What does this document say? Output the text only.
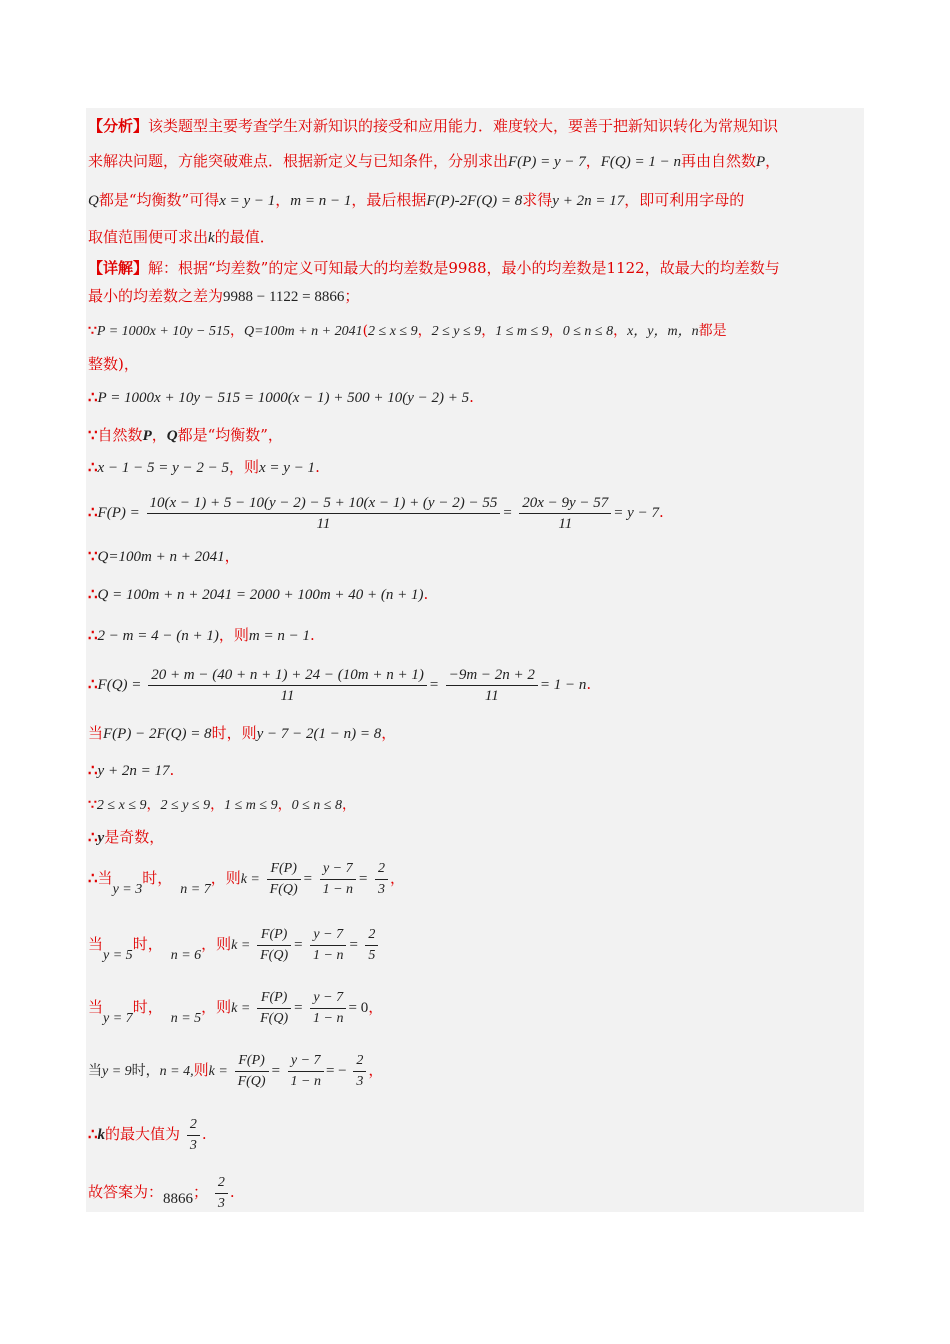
【分析】该类题型主要考查学生对新知识的接受和应用能力．难度较大，要善于把新知识转化为常规知识
来解决问题，方能突破难点．根据新定义与已知条件，分别求出F(P) = y − 7，F(Q) = 1 − n再由自然数P，
Q都是“均衡数”可得x = y − 1，m = n − 1，最后根据F(P)-2F(Q) = 8求得y + 2n = 17，即可利用字母的
取值范围便可求出k的最值．
【详解】解：根据“均差数”的定义可知最大的均差数是9988，最小的均差数是1122，故最大的均差数与
最小的均差数之差为9988 − 1122 = 8866；
∵P = 1000x + 10y − 515，Q=100m + n + 2041(2 ≤ x ≤ 9，2 ≤ y ≤ 9，1 ≤ m ≤ 9，0 ≤ n ≤ 8，x，y，m，n都是
整数)，
∴P = 1000x + 10y − 515 = 1000(x − 1) + 500 + 10(y − 2) + 5.
∵自然数P，Q都是“均衡数”，
∴x − 1 − 5 = y − 2 − 5，则x = y − 1.
∴F(P) = $\frac{10(x - 1) + 5 - 10(y - 2) - 5 + 10(x - 1) + (y - 2) - 55}{11} = \frac{20x - 9y - 57}{11} = y - 7$.
∵Q=100m + n + 2041，
∴Q = 100m + n + 2041 = 2000 + 100m + 40 + (n + 1).
∴2 − m = 4 − (n + 1)，则m = n − 1.
∴F(Q) = $\frac{20 + m - (40 + n + 1) + 24 - (10m + n + 1)}{11} = \frac{-9m - 2n + 2}{11} = 1 - n$.
当F(P) − 2F(Q) = 8时，则y − 7 − 2(1 − n) = 8，
∴y + 2n = 17.
∵2 ≤ x ≤ 9，2 ≤ y ≤ 9，1 ≤ m ≤ 9，0 ≤ n ≤ 8，
∴y是奇数，
∴当y = 3时，n = 7，则$k = \frac{F(P)}{F(Q)} = \frac{y - 7}{1 - n} = \frac{2}{3}$ ，
当y = 5时，n = 6，则$k = \frac{F(P)}{F(Q)} = \frac{y - 7}{1 - n} = \frac{2}{5}$
当y = 7时，n = 5，则$k = \frac{F(P)}{F(Q)} = \frac{y - 7}{1 - n} = 0$，
当y = 9时，n = 4,则$k = \frac{F(P)}{F(Q)} = \frac{y - 7}{1 - n}$ = − $\frac{2}{3}$ ，
∴k的最大值为 $\frac{2}{3}$ .
故答案为：8866； $\frac{2}{3}$ .
